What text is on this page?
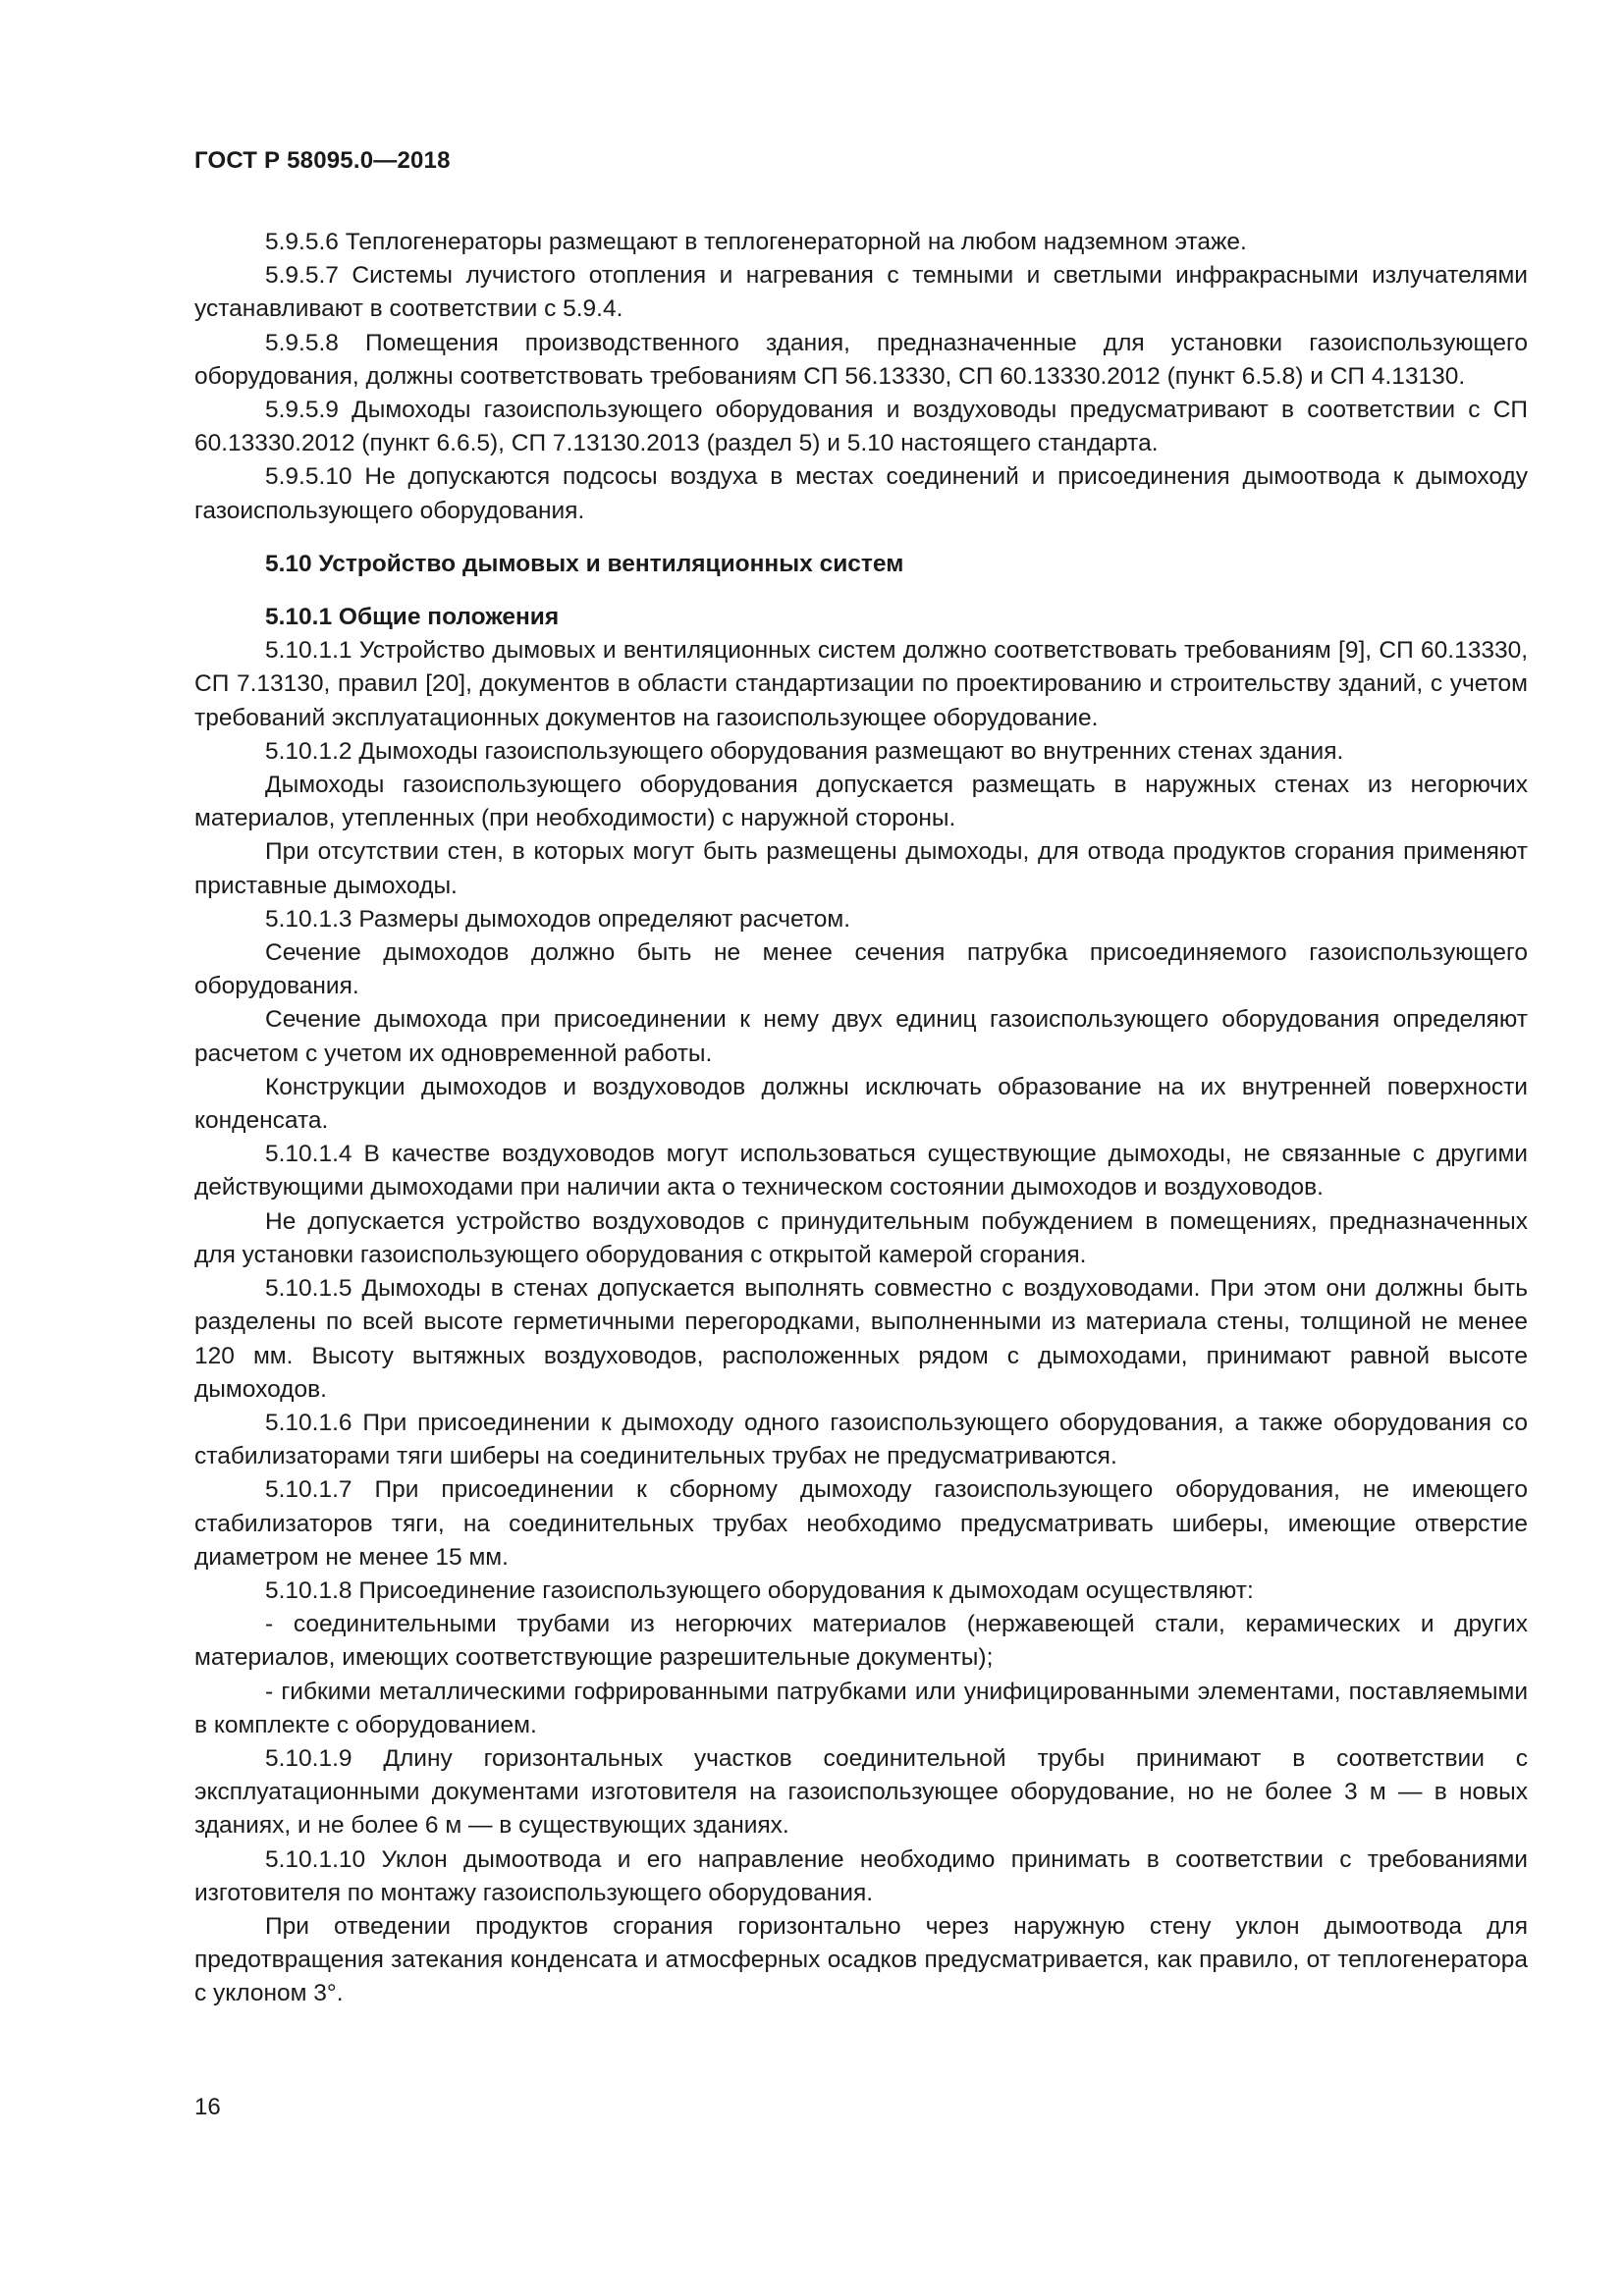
ГОСТ Р 58095.0—2018

5.9.5.6 Теплогенераторы размещают в теплогенераторной на любом надземном этаже.

5.9.5.7 Системы лучистого отопления и нагревания с темными и светлыми инфракрасными излучателями устанавливают в соответствии с 5.9.4.

5.9.5.8 Помещения производственного здания, предназначенные для установки газоиспользующего оборудования, должны соответствовать требованиям СП 56.13330, СП 60.13330.2012 (пункт 6.5.8) и СП 4.13130.

5.9.5.9 Дымоходы газоиспользующего оборудования и воздуховоды предусматривают в соответствии с СП 60.13330.2012 (пункт 6.6.5), СП 7.13130.2013 (раздел 5) и 5.10 настоящего стандарта.

5.9.5.10 Не допускаются подсосы воздуха в местах соединений и присоединения дымоотвода к дымоходу газоиспользующего оборудования.

5.10 Устройство дымовых и вентиляционных систем
5.10.1 Общие положения

5.10.1.1 Устройство дымовых и вентиляционных систем должно соответствовать требованиям [9], СП 60.13330, СП 7.13130, правил [20], документов в области стандартизации по проектированию и строительству зданий, с учетом требований эксплуатационных документов на газоиспользующее оборудование.

5.10.1.2 Дымоходы газоиспользующего оборудования размещают во внутренних стенах здания.

Дымоходы газоиспользующего оборудования допускается размещать в наружных стенах из негорючих материалов, утепленных (при необходимости) с наружной стороны.

При отсутствии стен, в которых могут быть размещены дымоходы, для отвода продуктов сгорания применяют приставные дымоходы.

5.10.1.3 Размеры дымоходов определяют расчетом.

Сечение дымоходов должно быть не менее сечения патрубка присоединяемого газоиспользующего оборудования.

Сечение дымохода при присоединении к нему двух единиц газоиспользующего оборудования определяют расчетом с учетом их одновременной работы.

Конструкции дымоходов и воздуховодов должны исключать образование на их внутренней поверхности конденсата.

5.10.1.4 В качестве воздуховодов могут использоваться существующие дымоходы, не связанные с другими действующими дымоходами при наличии акта о техническом состоянии дымоходов и воздуховодов.

Не допускается устройство воздуховодов с принудительным побуждением в помещениях, предназначенных для установки газоиспользующего оборудования с открытой камерой сгорания.

5.10.1.5 Дымоходы в стенах допускается выполнять совместно с воздуховодами. При этом они должны быть разделены по всей высоте герметичными перегородками, выполненными из материала стены, толщиной не менее 120 мм. Высоту вытяжных воздуховодов, расположенных рядом с дымоходами, принимают равной высоте дымоходов.

5.10.1.6 При присоединении к дымоходу одного газоиспользующего оборудования, а также оборудования со стабилизаторами тяги шиберы на соединительных трубах не предусматриваются.

5.10.1.7 При присоединении к сборному дымоходу газоиспользующего оборудования, не имеющего стабилизаторов тяги, на соединительных трубах необходимо предусматривать шиберы, имеющие отверстие диаметром не менее 15 мм.

5.10.1.8 Присоединение газоиспользующего оборудования к дымоходам осуществляют:

- соединительными трубами из негорючих материалов (нержавеющей стали, керамических и других материалов, имеющих соответствующие разрешительные документы);

- гибкими металлическими гофрированными патрубками или унифицированными элементами, поставляемыми в комплекте с оборудованием.

5.10.1.9 Длину горизонтальных участков соединительной трубы принимают в соответствии с эксплуатационными документами изготовителя на газоиспользующее оборудование, но не более 3 м — в новых зданиях, и не более 6 м — в существующих зданиях.

5.10.1.10 Уклон дымоотвода и его направление необходимо принимать в соответствии с требованиями изготовителя по монтажу газоиспользующего оборудования.

При отведении продуктов сгорания горизонтально через наружную стену уклон дымоотвода для предотвращения затекания конденсата и атмосферных осадков предусматривается, как правило, от теплогенератора с уклоном 3°.

16
